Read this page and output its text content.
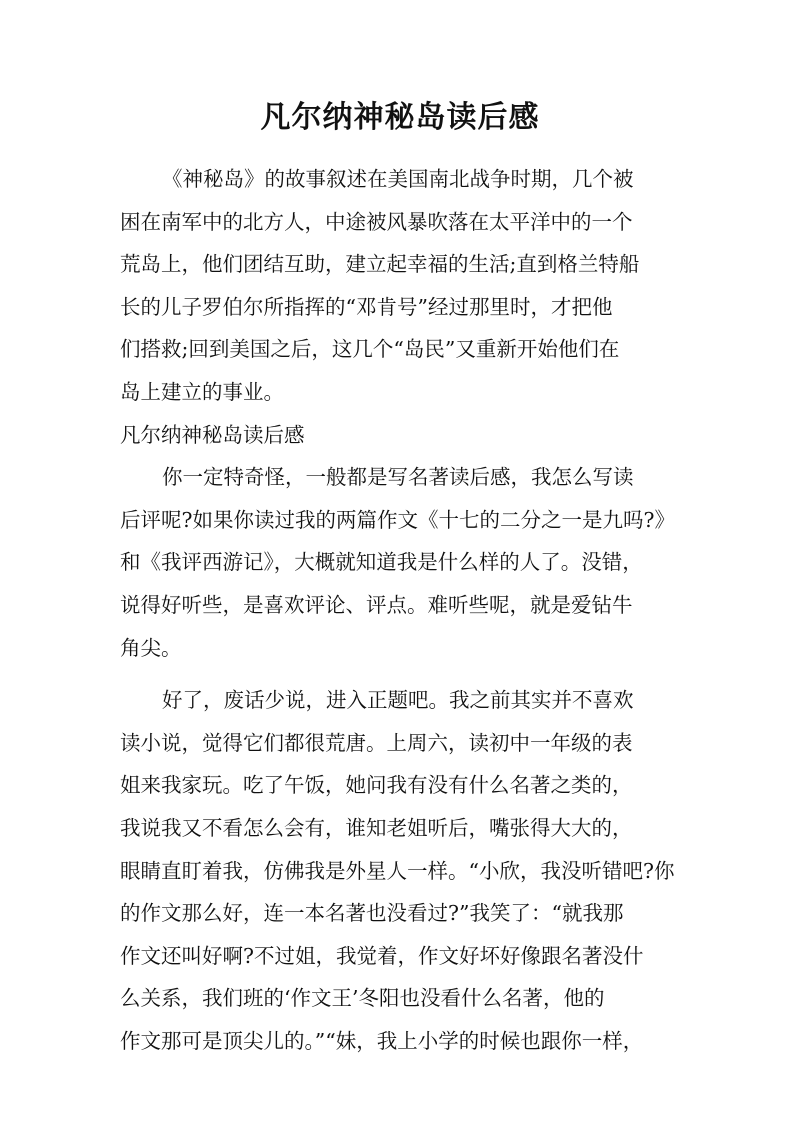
凡尔纳神秘岛读后感
《神秘岛》的故事叙述在美国南北战争时期，几个被
困在南军中的北方人，中途被风暴吹落在太平洋中的一个
荒岛上，他们团结互助，建立起幸福的生活;直到格兰特船
长的儿子罗伯尔所指挥的“邓肯号”经过那里时，才把他
们搭救;回到美国之后，这几个“岛民”又重新开始他们在
岛上建立的事业。
凡尔纳神秘岛读后感
你一定特奇怪，一般都是写名著读后感，我怎么写读
后评呢?如果你读过我的两篇作文《十七的二分之一是九吗?》
和《我评西游记》，大概就知道我是什么样的人了。没错，
说得好听些，是喜欢评论、评点。难听些呢，就是爱钻牛
角尖。
好了，废话少说，进入正题吧。我之前其实并不喜欢
读小说，觉得它们都很荒唐。上周六，读初中一年级的表
姐来我家玩。吃了午饭，她问我有没有什么名著之类的，
我说我又不看怎么会有，谁知老姐听后，嘴张得大大的，
眼睛直盯着我，仿佛我是外星人一样。“小欣，我没听错吧?你
的作文那么好，连一本名著也没看过?”我笑了：“就我那
作文还叫好啊?不过姐，我觉着，作文好坏好像跟名著没什
么关系，我们班的‘作文王’冬阳也没看什么名著，他的
作文那可是顶尖儿的。”“妹，我上小学的时候也跟你一样，
